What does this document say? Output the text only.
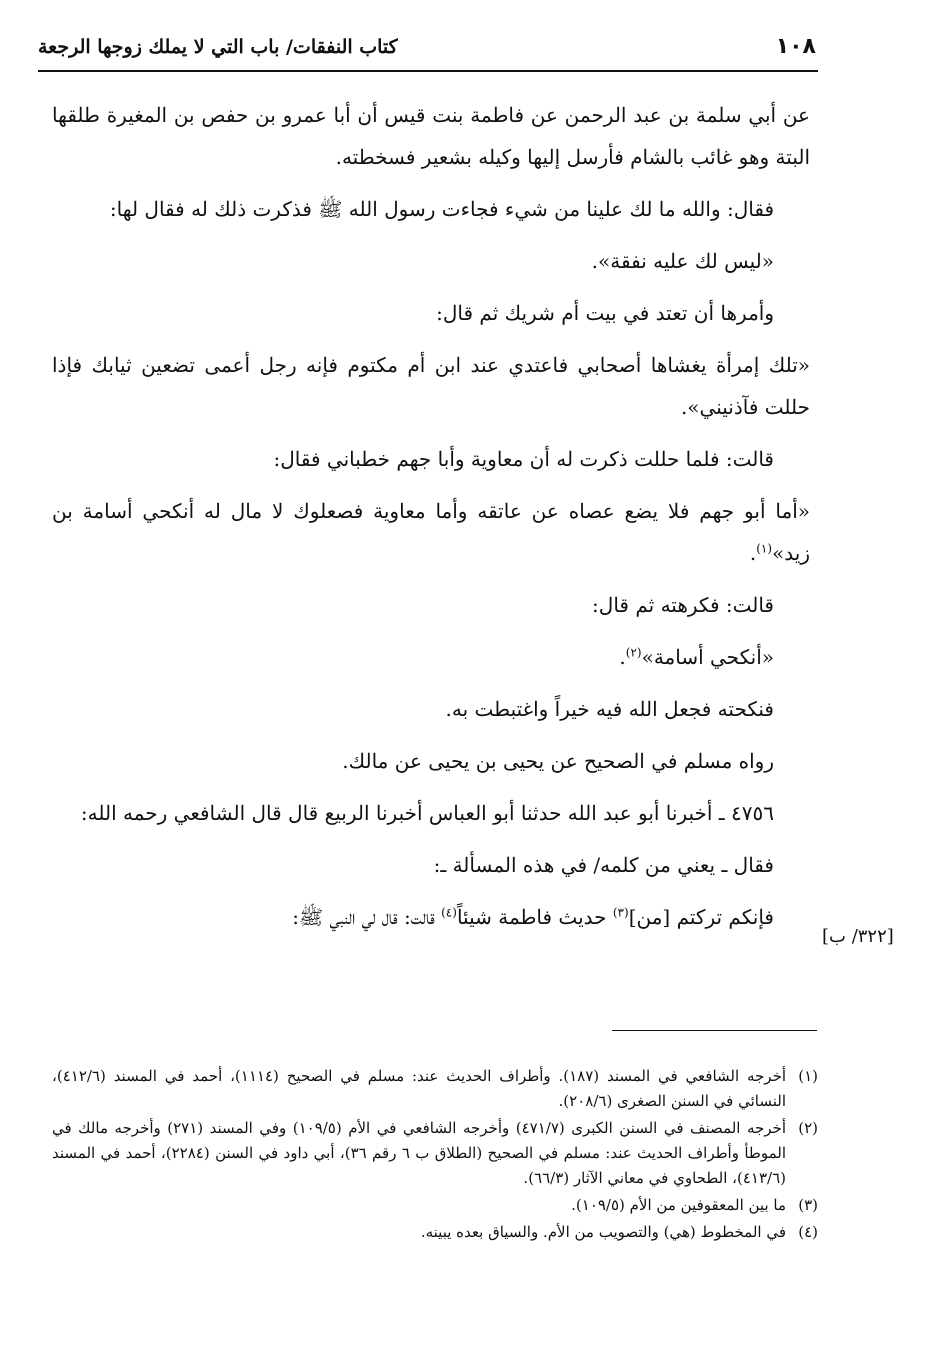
١٠٨
كتاب النفقات/ باب التي لا يملك زوجها الرجعة

عن أبي سلمة بن عبد الرحمن عن فاطمة بنت قيس أن أبا عمرو بن حفص بن المغيرة طلقها البتة وهو غائب بالشام فأرسل إليها وكيله بشعير فسخطته.

فقال: والله ما لك علينا من شيء فجاءت رسول الله ﷺ فذكرت ذلك له فقال لها:

«ليس لك عليه نفقة».

وأمرها أن تعتد في بيت أم شريك ثم قال:

«تلك إمرأة يغشاها أصحابي فاعتدي عند ابن أم مكتوم فإنه رجل أعمى تضعين ثيابك فإذا حللت فآذنيني».

قالت: فلما حللت ذكرت له أن معاوية وأبا جهم خطباني فقال:

«أما أبو جهم فلا يضع عصاه عن عاتقه وأما معاوية فصعلوك لا مال له أنكحي أسامة بن زيد»$^{(١)}$.

قالت: فكرهته ثم قال:

«أنكحي أسامة»$^{(٢)}$.

فنكحته فجعل الله فيه خيراً واغتبطت به.

رواه مسلم في الصحيح عن يحيى بن يحيى عن مالك.

٤٧٥٦ ـ أخبرنا أبو عبد الله حدثنا أبو العباس أخبرنا الربيع قال قال الشافعي رحمه الله:

فقال ـ يعني من كلمه/ في هذه المسألة ـ:

فإنكم تركتم [من]$^{(٣)}$ حديث فاطمة شيئاً$^{(٤)}$ قالت: قال لي النبي ﷺ:

[٣٢٢/ ب]
(١)
أخرجه الشافعي في المسند (١٨٧). وأطراف الحديث عند: مسلم في الصحيح (١١١٤)، أحمد في المسند (٤١٢/٦)، النسائي في السنن الصغرى (٢٠٨/٦).
(٢)
أخرجه المصنف في السنن الكبرى (٤٧١/٧) وأخرجه الشافعي في الأم (١٠٩/٥) وفي المسند (٢٧١) وأخرجه مالك في الموطأ وأطراف الحديث عند: مسلم في الصحيح (الطلاق ب ٦ رقم ٣٦)، أبي داود في السنن (٢٢٨٤)، أحمد في المسند (٤١٣/٦)، الطحاوي في معاني الآثار (٦٦/٣).
(٣)
ما بين المعقوفين من الأم (١٠٩/٥).
(٤)
في المخطوط (هي) والتصويب من الأم. والسياق بعده يبينه.
